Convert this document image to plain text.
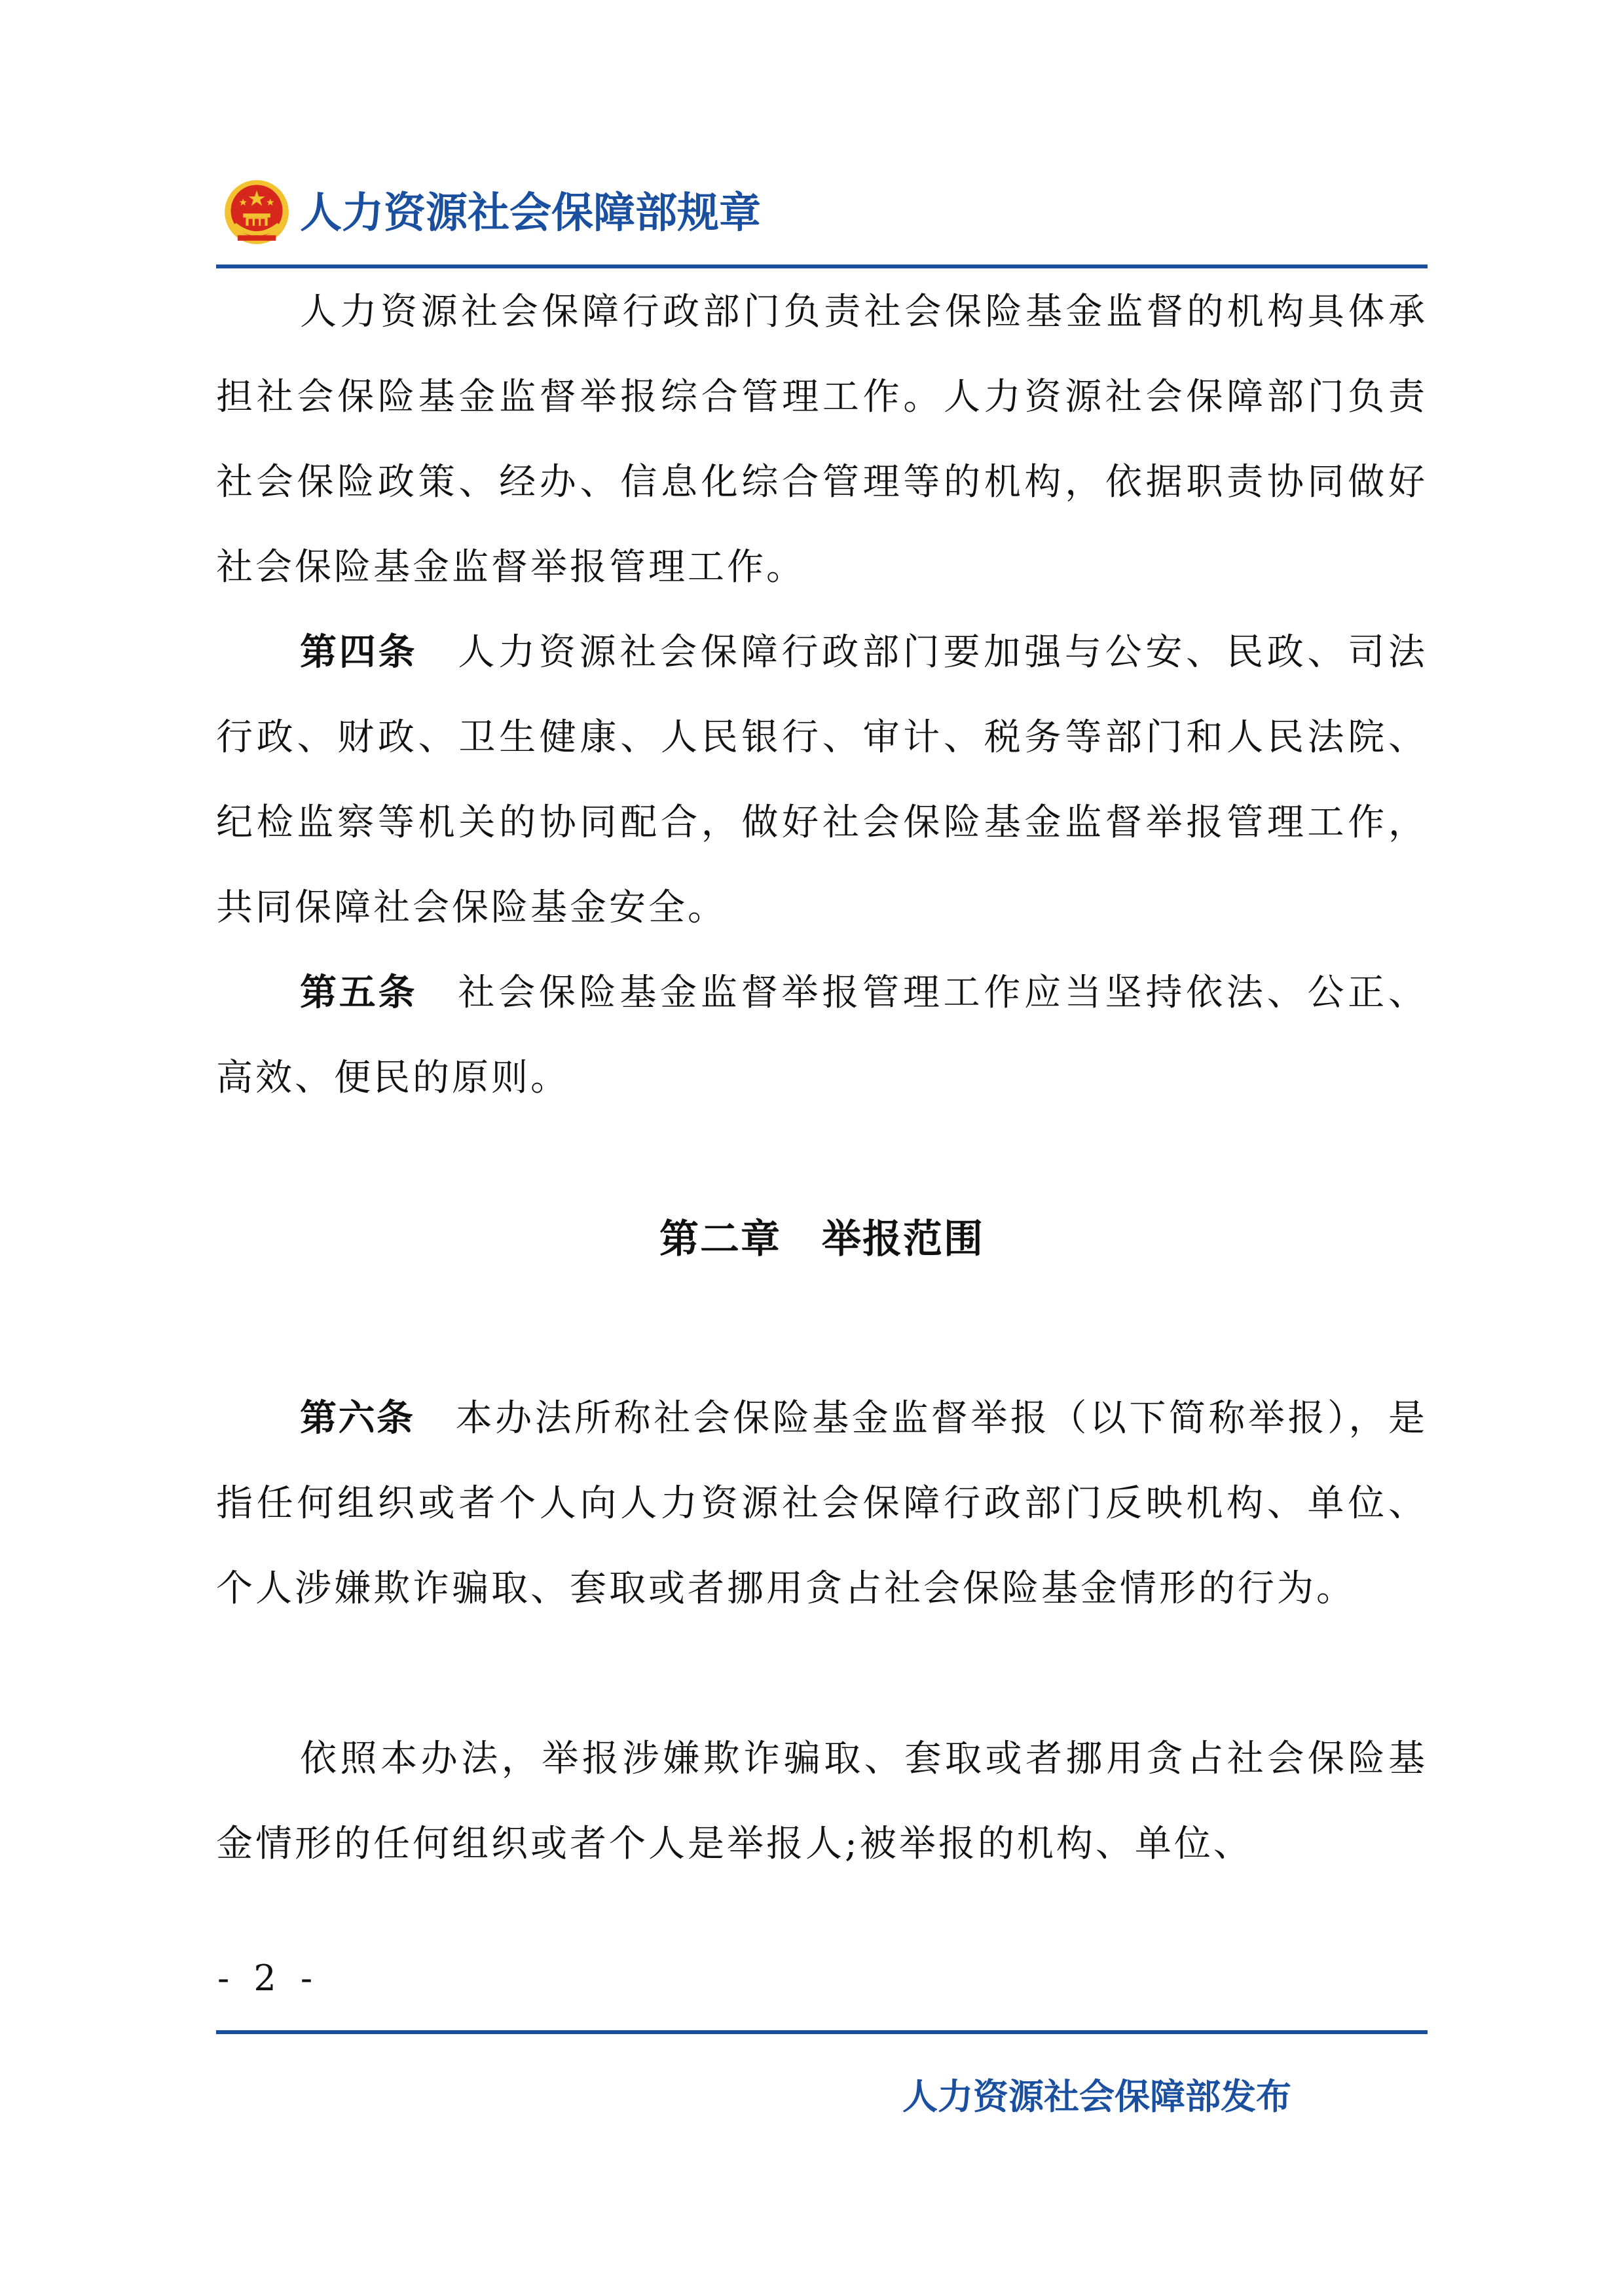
人力资源社会保障部规章

人力资源社会保障行政部门负责社会保险基金监督的机构具体承担社会保险基金监督举报综合管理工作。人力资源社会保障部门负责社会保险政策、经办、信息化综合管理等的机构，依据职责协同做好社会保险基金监督举报管理工作。

第四条 人力资源社会保障行政部门要加强与公安、民政、司法行政、财政、卫生健康、人民银行、审计、税务等部门和人民法院、纪检监察等机关的协同配合，做好社会保险基金监督举报管理工作，共同保障社会保险基金安全。

第五条 社会保险基金监督举报管理工作应当坚持依法、公正、高效、便民的原则。

第二章　举报范围

第六条 本办法所称社会保险基金监督举报（以下简称举报），是指任何组织或者个人向人力资源社会保障行政部门反映机构、单位、个人涉嫌欺诈骗取、套取或者挪用贪占社会保险基金情形的行为。

依照本办法，举报涉嫌欺诈骗取、套取或者挪用贪占社会保险基金情形的任何组织或者个人是举报人;被举报的机构、单位、

- 2 -
人力资源社会保障部发布
